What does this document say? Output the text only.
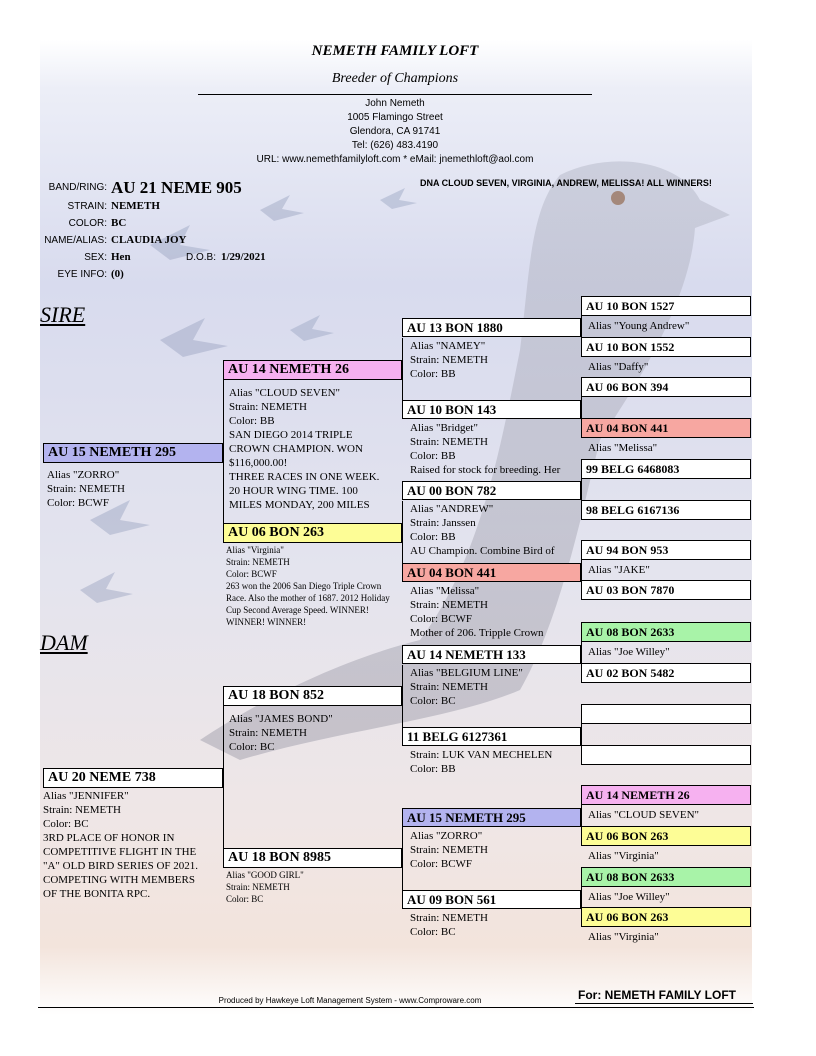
NEMETH FAMILY LOFT
Breeder of Champions
John Nemeth
1005 Flamingo Street
Glendora, CA 91741
Tel: (626) 483.4190
URL: www.nemethfamilyloft.com * eMail: jnemethloft@aol.com
BAND/RING: AU 21 NEME 905
STRAIN: NEMETH
COLOR: BC
NAME/ALIAS: CLAUDIA JOY
SEX: Hen	D.O.B: 1/29/2021
EYE INFO: (0)
DNA CLOUD SEVEN, VIRGINIA, ANDREW, MELISSA! ALL WINNERS!
SIRE
DAM
AU 15 NEMETH 295
Alias "ZORRO"
Strain: NEMETH
Color: BCWF
AU 20 NEME 738
Alias "JENNIFER"
Strain: NEMETH
Color: BC
3RD PLACE OF HONOR IN
COMPETITIVE FLIGHT IN THE
"A" OLD BIRD SERIES OF 2021.
COMPETING WITH MEMBERS
OF THE BONITA RPC.
AU 14 NEMETH 26
Alias "CLOUD SEVEN"
Strain: NEMETH
Color: BB
SAN DIEGO 2014 TRIPLE
CROWN CHAMPION. WON
$116,000.00!
THREE RACES IN ONE WEEK.
20 HOUR WING TIME. 100
MILES MONDAY, 200 MILES
AU 06 BON 263
Alias "Virginia"
Strain: NEMETH
Color: BCWF
263 won the 2006 San Diego Triple Crown
Race. Also the mother of 1687. 2012 Holiday
Cup Second Average Speed. WINNER!
WINNER! WINNER!
AU 18 BON 852
Alias "JAMES BOND"
Strain: NEMETH
Color: BC
AU 18 BON 8985
Alias "GOOD GIRL"
Strain: NEMETH
Color: BC
AU 13 BON 1880
Alias "NAMEY"
Strain: NEMETH
Color: BB
AU 10 BON 143
Alias "Bridget"
Strain: NEMETH
Color: BB
Raised for stock for breeding. Her
AU 00 BON 782
Alias "ANDREW"
Strain: Janssen
Color: BB
AU Champion. Combine Bird of
AU 04 BON 441
Alias "Melissa"
Strain: NEMETH
Color: BCWF
Mother of 206. Tripple Crown
AU 14 NEMETH 133
Alias "BELGIUM LINE"
Strain: NEMETH
Color: BC
11 BELG 6127361
Strain: LUK VAN MECHELEN
Color: BB
AU 15 NEMETH 295
Alias "ZORRO"
Strain: NEMETH
Color: BCWF
AU 09 BON 561
Strain: NEMETH
Color: BC
AU 10 BON 1527
Alias "Young Andrew"
AU 10 BON 1552
Alias "Daffy"
AU 06 BON 394
AU 04 BON 441
Alias "Melissa"
99 BELG 6468083
98 BELG 6167136
AU 94 BON 953
Alias "JAKE"
AU 03 BON 7870
AU 08 BON 2633
Alias "Joe Willey"
AU 02 BON 5482
AU 14 NEMETH 26
Alias "CLOUD SEVEN"
AU 06 BON 263
Alias "Virginia"
AU 08 BON 2633
Alias "Joe Willey"
AU 06 BON 263
Alias "Virginia"
Produced by Hawkeye Loft Management System - www.Comproware.com	For: NEMETH FAMILY LOFT
